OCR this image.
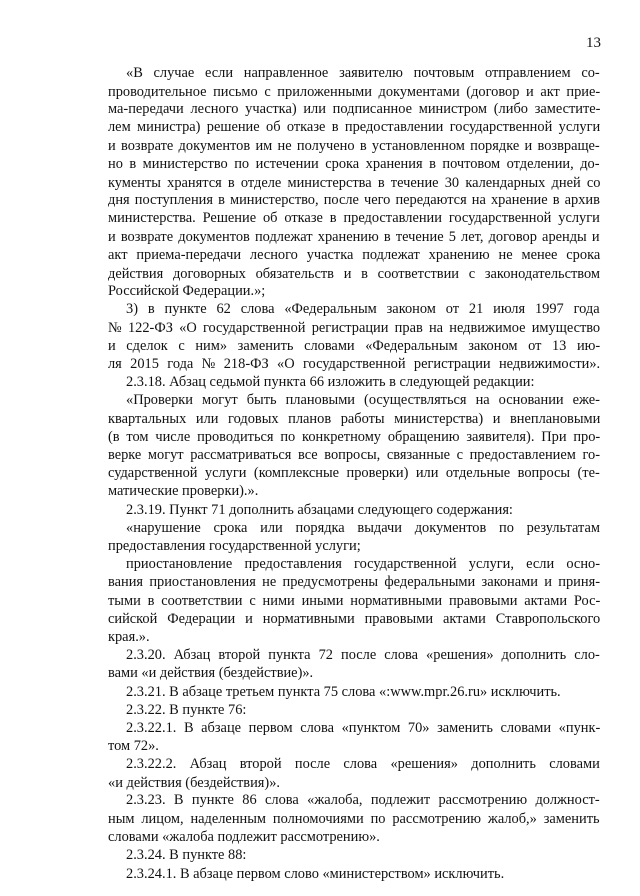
13
«В случае если направленное заявителю почтовым отправлением со-
проводительное письмо с приложенными документами (договор и акт прие-
ма-передачи лесного участка) или подписанное министром (либо заместите-
лем министра) решение об отказе в предоставлении государственной услуги
и возврате документов им не получено в установленном порядке и возвраще-
но в министерство по истечении срока хранения в почтовом отделении, до-
кументы хранятся в отделе министерства в течение 30 календарных дней со
дня поступления в министерство, после чего передаются на хранение в архив
министерства. Решение об отказе в предоставлении государственной услуги
и возврате документов подлежат хранению в течение 5 лет, договор аренды и
акт приема-передачи лесного участка подлежат хранению не менее срока
действия договорных обязательств и в соответствии с законодательством
Российской Федерации.»;
3) в пункте 62 слова «Федеральным законом от 21 июля 1997 года
№ 122-ФЗ «О государственной регистрации прав на недвижимое имущество
и сделок с ним» заменить словами «Федеральным законом от 13 ию-
ля 2015 года № 218-ФЗ «О государственной регистрации недвижимости».
2.3.18. Абзац седьмой пункта 66 изложить в следующей редакции:
«Проверки могут быть плановыми (осуществляться на основании еже-
квартальных или годовых планов работы министерства) и внеплановыми
(в том числе проводиться по конкретному обращению заявителя). При про-
верке могут рассматриваться все вопросы, связанные с предоставлением го-
сударственной услуги (комплексные проверки) или отдельные вопросы (те-
матические проверки).».
2.3.19. Пункт 71 дополнить абзацами следующего содержания:
«нарушение срока или порядка выдачи документов по результатам
предоставления государственной услуги;
приостановление предоставления государственной услуги, если осно-
вания приостановления не предусмотрены федеральными законами и приня-
тыми в соответствии с ними иными нормативными правовыми актами Рос-
сийской Федерации и нормативными правовыми актами Ставропольского
края.».
2.3.20. Абзац второй пункта 72 после слова «решения» дополнить сло-
вами «и действия (бездействие)».
2.3.21. В абзаце третьем пункта 75 слова «:www.mpr.26.ru» исключить.
2.3.22. В пункте 76:
2.3.22.1. В абзаце первом слова «пунктом 70» заменить словами «пунк-
том 72».
2.3.22.2. Абзац второй после слова «решения» дополнить словами
«и действия (бездействия)».
2.3.23. В пункте 86 слова «жалоба, подлежит рассмотрению должност-
ным лицом, наделенным полномочиями по рассмотрению жалоб,» заменить
словами «жалоба подлежит рассмотрению».
2.3.24. В пункте 88:
2.3.24.1. В абзаце первом слово «министерством» исключить.
